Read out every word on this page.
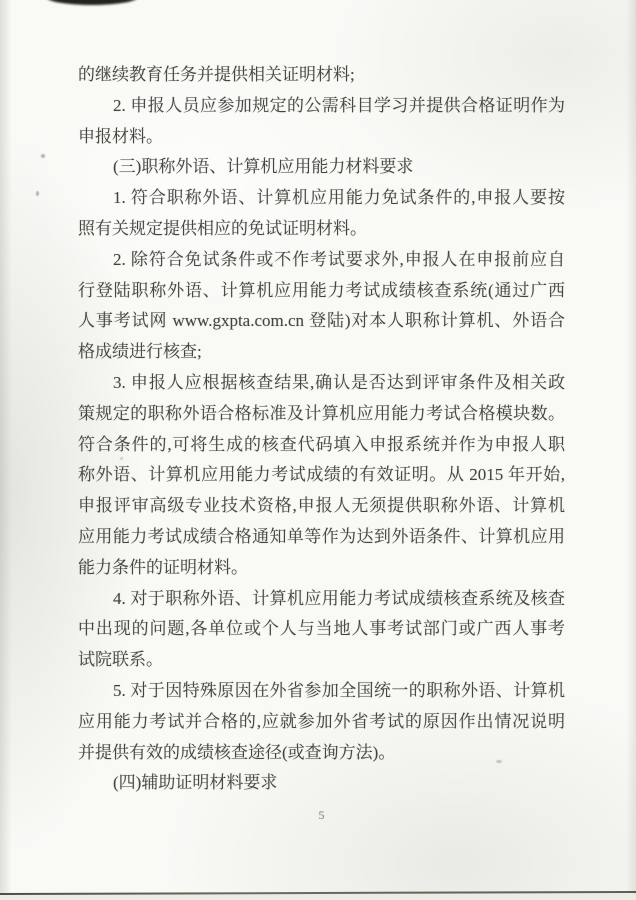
的继续教育任务并提供相关证明材料;
2. 申报人员应参加规定的公需科目学习并提供合格证明作为
申报材料。
(三)职称外语、计算机应用能力材料要求
1. 符合职称外语、计算机应用能力免试条件的,申报人要按
照有关规定提供相应的免试证明材料。
2. 除符合免试条件或不作考试要求外,申报人在申报前应自
行登陆职称外语、计算机应用能力考试成绩核查系统(通过广西
人事考试网 www.gxpta.com.cn 登陆)对本人职称计算机、外语合
格成绩进行核查;
3. 申报人应根据核查结果,确认是否达到评审条件及相关政
策规定的职称外语合格标准及计算机应用能力考试合格模块数。
符合条件的,可将生成的核查代码填入申报系统并作为申报人职
称外语、计算机应用能力考试成绩的有效证明。从 2015 年开始,
申报评审高级专业技术资格,申报人无须提供职称外语、计算机
应用能力考试成绩合格通知单等作为达到外语条件、计算机应用
能力条件的证明材料。
4. 对于职称外语、计算机应用能力考试成绩核查系统及核查
中出现的问题,各单位或个人与当地人事考试部门或广西人事考
试院联系。
5. 对于因特殊原因在外省参加全国统一的职称外语、计算机
应用能力考试并合格的,应就参加外省考试的原因作出情况说明
并提供有效的成绩核查途径(或查询方法)。
(四)辅助证明材料要求
5
